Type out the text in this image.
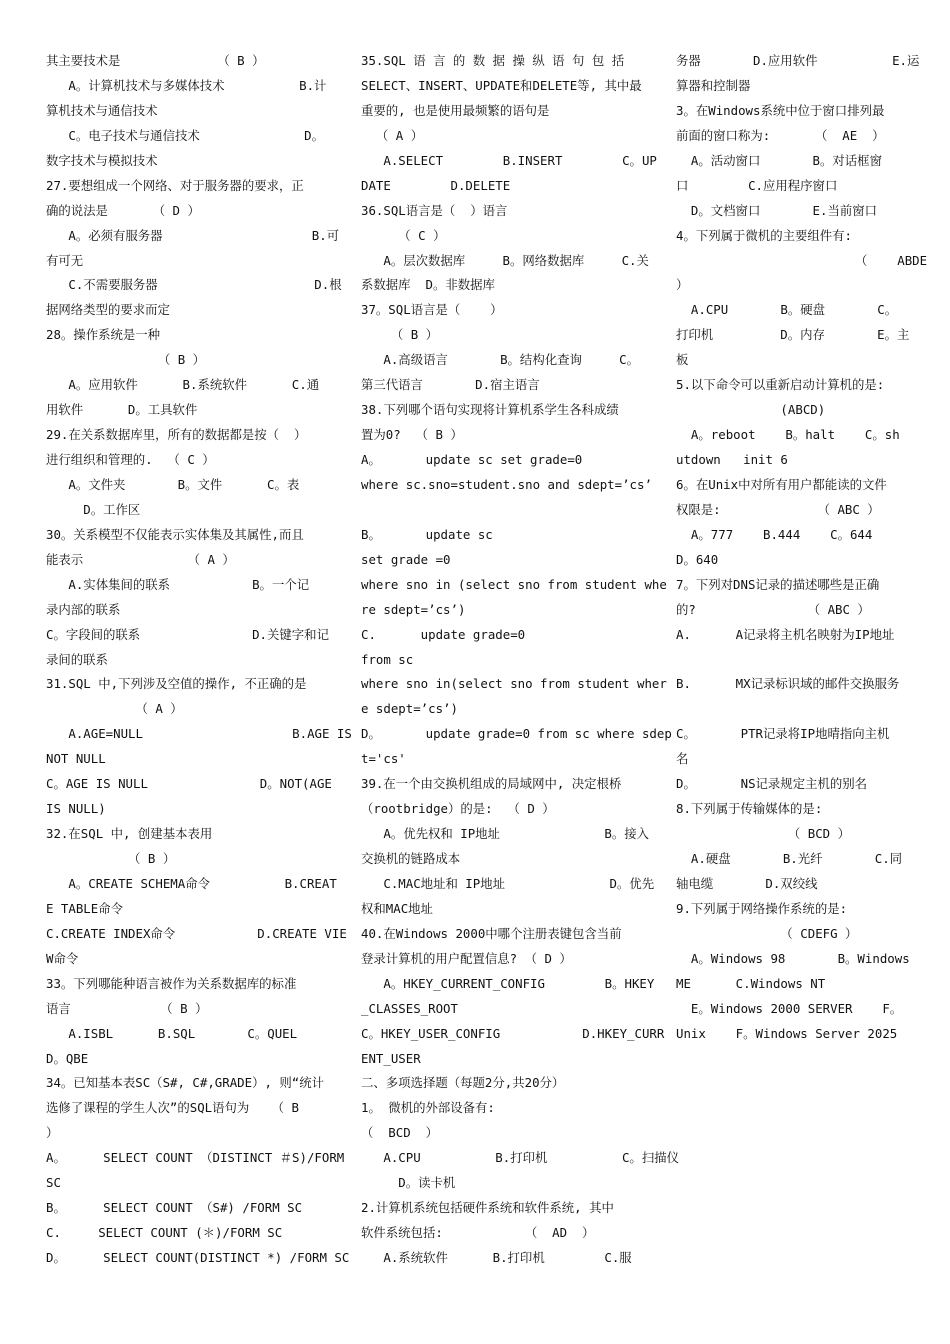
其主要技术是             （ B ）
A。计算机技术与多媒体技术          B.计
算机技术与通信技术
C。电子技术与通信技术              D。
数字技术与模拟技术
27.要想组成一个网络、对于服务器的要求，正
确的说法是      （ D ）
A。必须有服务器                    B.可
有可无
C.不需要服务器                     D.根
据网络类型的要求而定
28。操作系统是一种
（ B ）
A。应用软件      B.系统软件      C.通
用软件      D。工具软件
29.在关系数据库里，所有的数据都是按（  ）
进行组织和管理的.  （ C ）
A。文件夹       B。文件      C。表
D。工作区
30。关系模型不仅能表示实体集及其属性,而且
能表示              （ A ）
A.实体集间的联系           B。一个记
录内部的联系
C。字段间的联系               D.关键字和记
录间的联系
31.SQL 中,下列涉及空值的操作, 不正确的是
（ A ）
A.AGE=NULL                    B.AGE IS
NOT NULL
C。AGE IS NULL               D。NOT(AGE
IS NULL)
32.在SQL 中, 创建基本表用
（ B ）
A。CREATE SCHEMA命令          B.CREAT
E TABLE命令
C.CREATE INDEX命令           D.CREATE VIE
W命令
33。下列哪能种语言被作为关系数据库的标准
语言            （ B ）
A.ISBL      B.SQL       C。QUEL
D。QBE
34。已知基本表SC（S#, C#,GRADE）, 则“统计
选修了课程的学生人次”的SQL语句为   （ B
）
A。     SELECT COUNT （DISTINCT ＃S)/FORM
SC
B。     SELECT COUNT （S#) /FORM SC
C.     SELECT COUNT (＊)/FORM SC
D。     SELECT COUNT(DISTINCT *) /FORM SC
35.SQL 语 言 的 数 据 操 纵 语 句 包 括
SELECT、INSERT、UPDATE和DELETE等, 其中最
重要的, 也是使用最频繁的语句是
（ A ）
A.SELECT        B.INSERT        C。UP
DATE        D.DELETE
36.SQL语言是（  ）语言
（ C ）
A。层次数据库     B。网络数据库     C.关
系数据库  D。非数据库
37。SQL语言是（    ）
（ B ）
A.高级语言       B。结构化查询     C。
第三代语言       D.宿主语言
38.下列哪个语句实现将计算机系学生各科成绩
置为0?  （ B ）
A。      update sc set grade=0
where sc.sno=student.sno and sdept=’cs’
B。      update sc
set grade =0
where sno in (select sno from student whe
re sdept=’cs’)
C.      update grade=0
from sc
where sno in(select sno from student wher
e sdept=’cs’)
D。      update grade=0 from sc where sdep
t='cs'
39.在一个由交换机组成的局域网中, 决定根桥
（rootbridge）的是:  （ D ）
A。优先权和 IP地址              B。接入
交换机的链路成本
C.MAC地址和 IP地址              D。优先
权和MAC地址
40.在Windows 2000中哪个注册表键包含当前
登录计算机的用户配置信息? （ D ）
A。HKEY_CURRENT_CONFIG        B。HKEY
_CLASSES_ROOT
C。HKEY_USER_CONFIG           D.HKEY_CURR
ENT_USER
二、多项选择题（每题2分,共20分）
1。 微机的外部设备有:
（  BCD  ）
A.CPU          B.打印机          C。扫描仪
D。读卡机
2.计算机系统包括硬件系统和软件系统, 其中
软件系统包括:           （  AD  ）
A.系统软件      B.打印机        C.服
务器       D.应用软件          E.运
算器和控制器
3。在Windows系统中位于窗口排列最
前面的窗口称为:      （  AE  ）
A。活动窗口       B。对话框窗
口        C.应用程序窗口
D。文档窗口       E.当前窗口
4。下列属于微机的主要组件有:
（    ABDE
）
A.CPU       B。硬盘       C。
打印机         D。内存       E。主
板
5.以下命令可以重新启动计算机的是:
(ABCD)
A。reboot    B。halt    C。sh
utdown   init 6
6。在Unix中对所有用户都能读的文件
权限是:             （ ABC ）
A。777    B.444    C。644
D。640
7。下列对DNS记录的描述哪些是正确
的?               （ ABC ）
A.      A记录将主机名映射为IP地址
B.      MX记录标识域的邮件交换服务
C。      PTR记录将IP地晴指向主机
名
D。      NS记录规定主机的别名
8.下列属于传输媒体的是:
（ BCD ）
A.硬盘       B.光纤       C.同
轴电缆       D.双绞线
9.下列属于网络操作系统的是:
（ CDEFG ）
A。Windows 98       B。Windows
ME      C.Windows NT
E。Windows 2000 SERVER    F。
Unix    F。Windows Server 2025
